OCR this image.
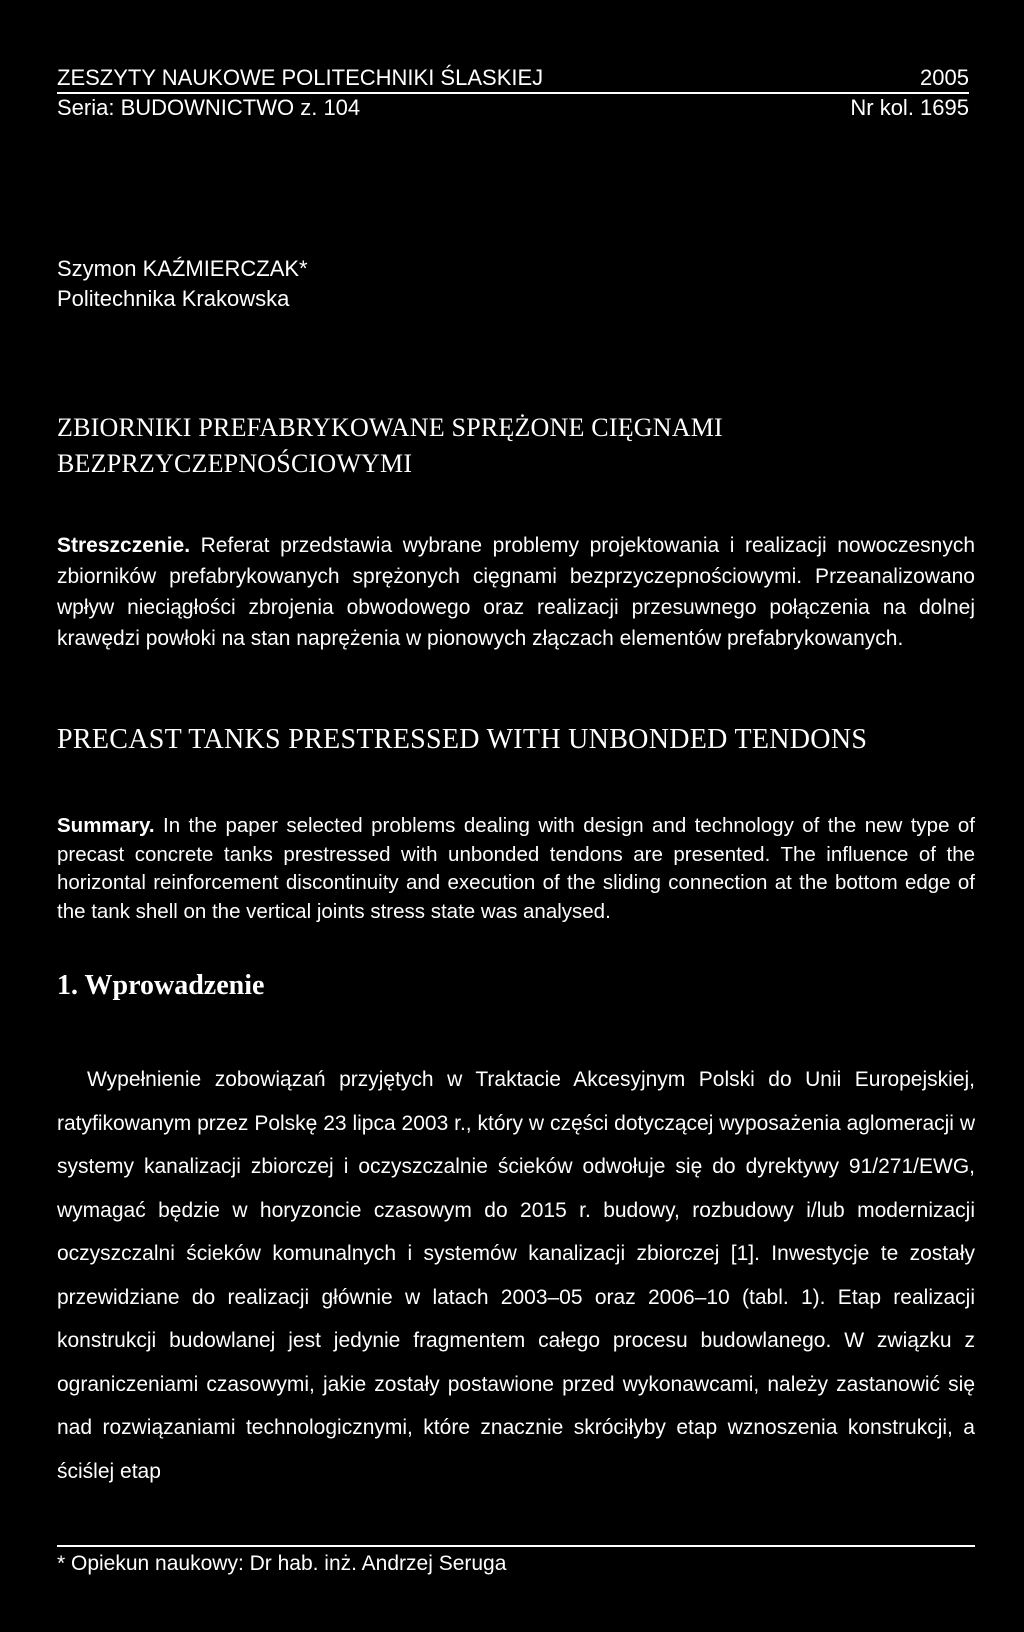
ZESZYTY NAUKOWE POLITECHNIKI ŚLASKIEJ	2005
Seria: BUDOWNICTWO z. 104	Nr kol. 1695
Szymon KAŹMIERCZAK*
Politechnika Krakowska
ZBIORNIKI PREFABRYKOWANE SPRĘŻONE CIĘGNAMI
BEZPRZYCZEPNOŚCIOWYMI
Streszczenie. Referat przedstawia wybrane problemy projektowania i realizacji nowoczesnych zbiorników prefabrykowanych sprężonych cięgnami bezprzyczepnościowymi. Przeanalizowano wpływ nieciągłości zbrojenia obwodowego oraz realizacji przesuwnego połączenia na dolnej krawędzi powłoki na stan naprężenia w pionowych złączach elementów prefabrykowanych.
PRECAST TANKS PRESTRESSED WITH UNBONDED TENDONS
Summary. In the paper selected problems dealing with design and technology of the new type of precast concrete tanks prestressed with unbonded tendons are presented. The influence of the horizontal reinforcement discontinuity and execution of the sliding connection at the bottom edge of the tank shell on the vertical joints stress state was analysed.
1. Wprowadzenie

Wypełnienie zobowiązań przyjętych w Traktacie Akcesyjnym Polski do Unii Europejskiej, ratyfikowanym przez Polskę 23 lipca 2003 r., który w części dotyczącej wyposażenia aglomeracji w systemy kanalizacji zbiorczej i oczyszczalnie ścieków odwołuje się do dyrektywy 91/271/EWG, wymagać będzie w horyzoncie czasowym do 2015 r. budowy, rozbudowy i/lub modernizacji oczyszczalni ścieków komunalnych i systemów kanalizacji zbiorczej [1]. Inwestycje te zostały przewidziane do realizacji głównie w latach 2003–05 oraz 2006–10 (tabl. 1). Etap realizacji konstrukcji budowlanej jest jedynie fragmentem całego procesu budowlanego. W związku z ograniczeniami czasowymi, jakie zostały postawione przed wykonawcami, należy zastanowić się nad rozwiązaniami technologicznymi, które znacznie skróciłyby etap wznoszenia konstrukcji, a ściślej etap

* Opiekun naukowy: Dr hab. inż. Andrzej Seruga
